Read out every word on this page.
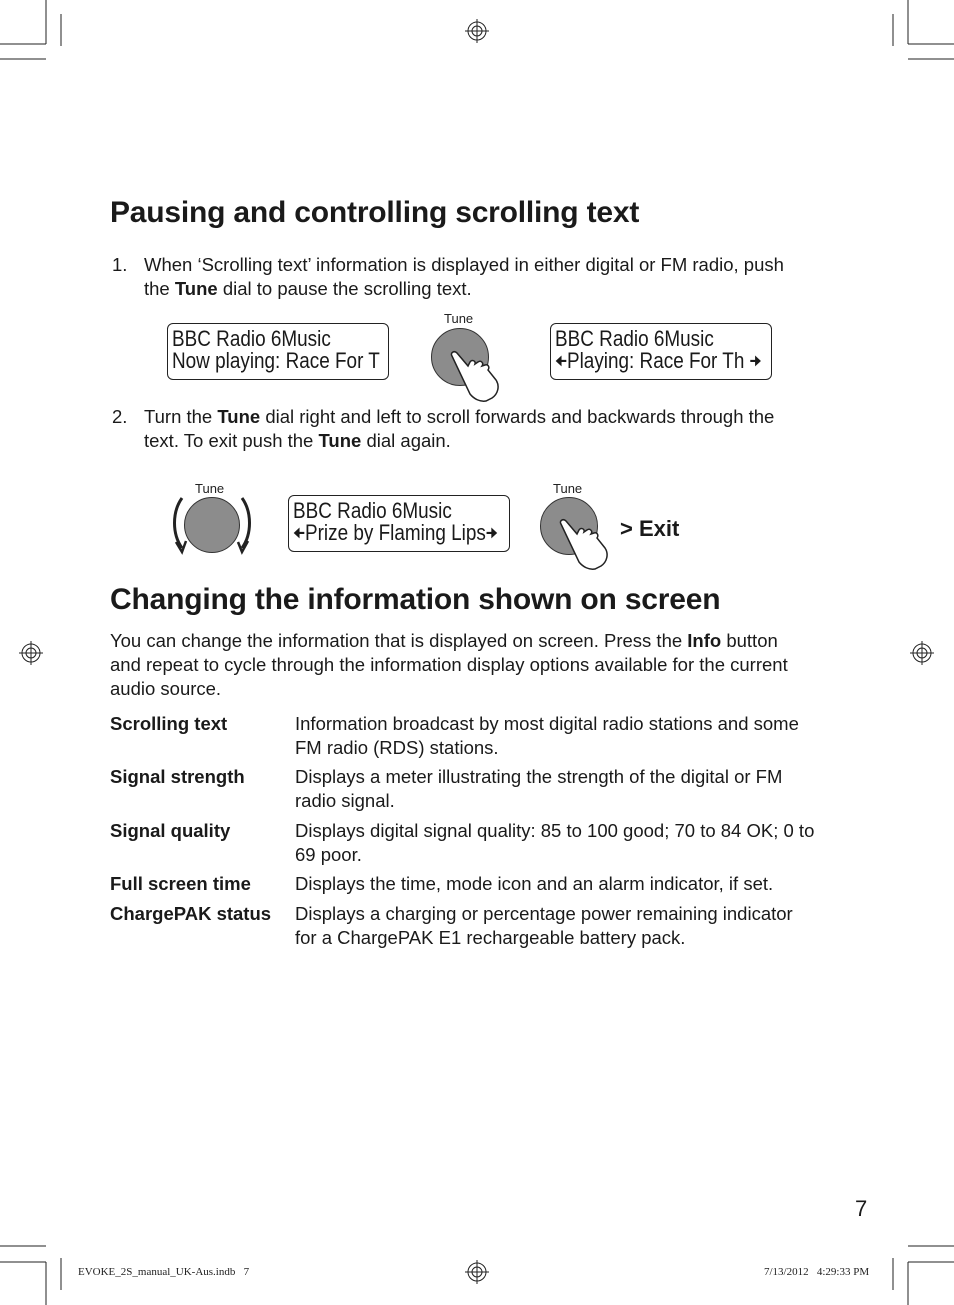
Pausing and controlling scrolling text
1. When ‘Scrolling text’ information is displayed in either digital or FM radio, push
the Tune dial to pause the scrolling text.
BBC Radio 6Music
Now playing: Race For T
Tune
BBC Radio 6Music
🠈Playing: Race For Th 🠊
2. Turn the Tune dial right and left to scroll forwards and backwards through the
text. To exit push the Tune dial again.
Tune
BBC Radio 6Music
🠈Prize by Flaming Lips🠊
Tune
> Exit
Changing the information shown on screen
You can change the information that is displayed on screen. Press the Info button
and repeat to cycle through the information display options available for the current
audio source.
Scrolling text	Information broadcast by most digital radio stations and some
FM radio (RDS) stations.
Signal strength	Displays a meter illustrating the strength of the digital or FM
radio signal.
Signal quality	Displays digital signal quality: 85 to 100 good; 70 to 84 OK; 0 to
69 poor.
Full screen time Displays the time, mode icon and an alarm indicator, if set.
ChargePAK status Displays a charging or percentage power remaining indicator
for a ChargePAK E1 rechargeable battery pack.
7
EVOKE_2S_manual_UK-Aus.indb   7	7/13/2012   4:29:33 PM
